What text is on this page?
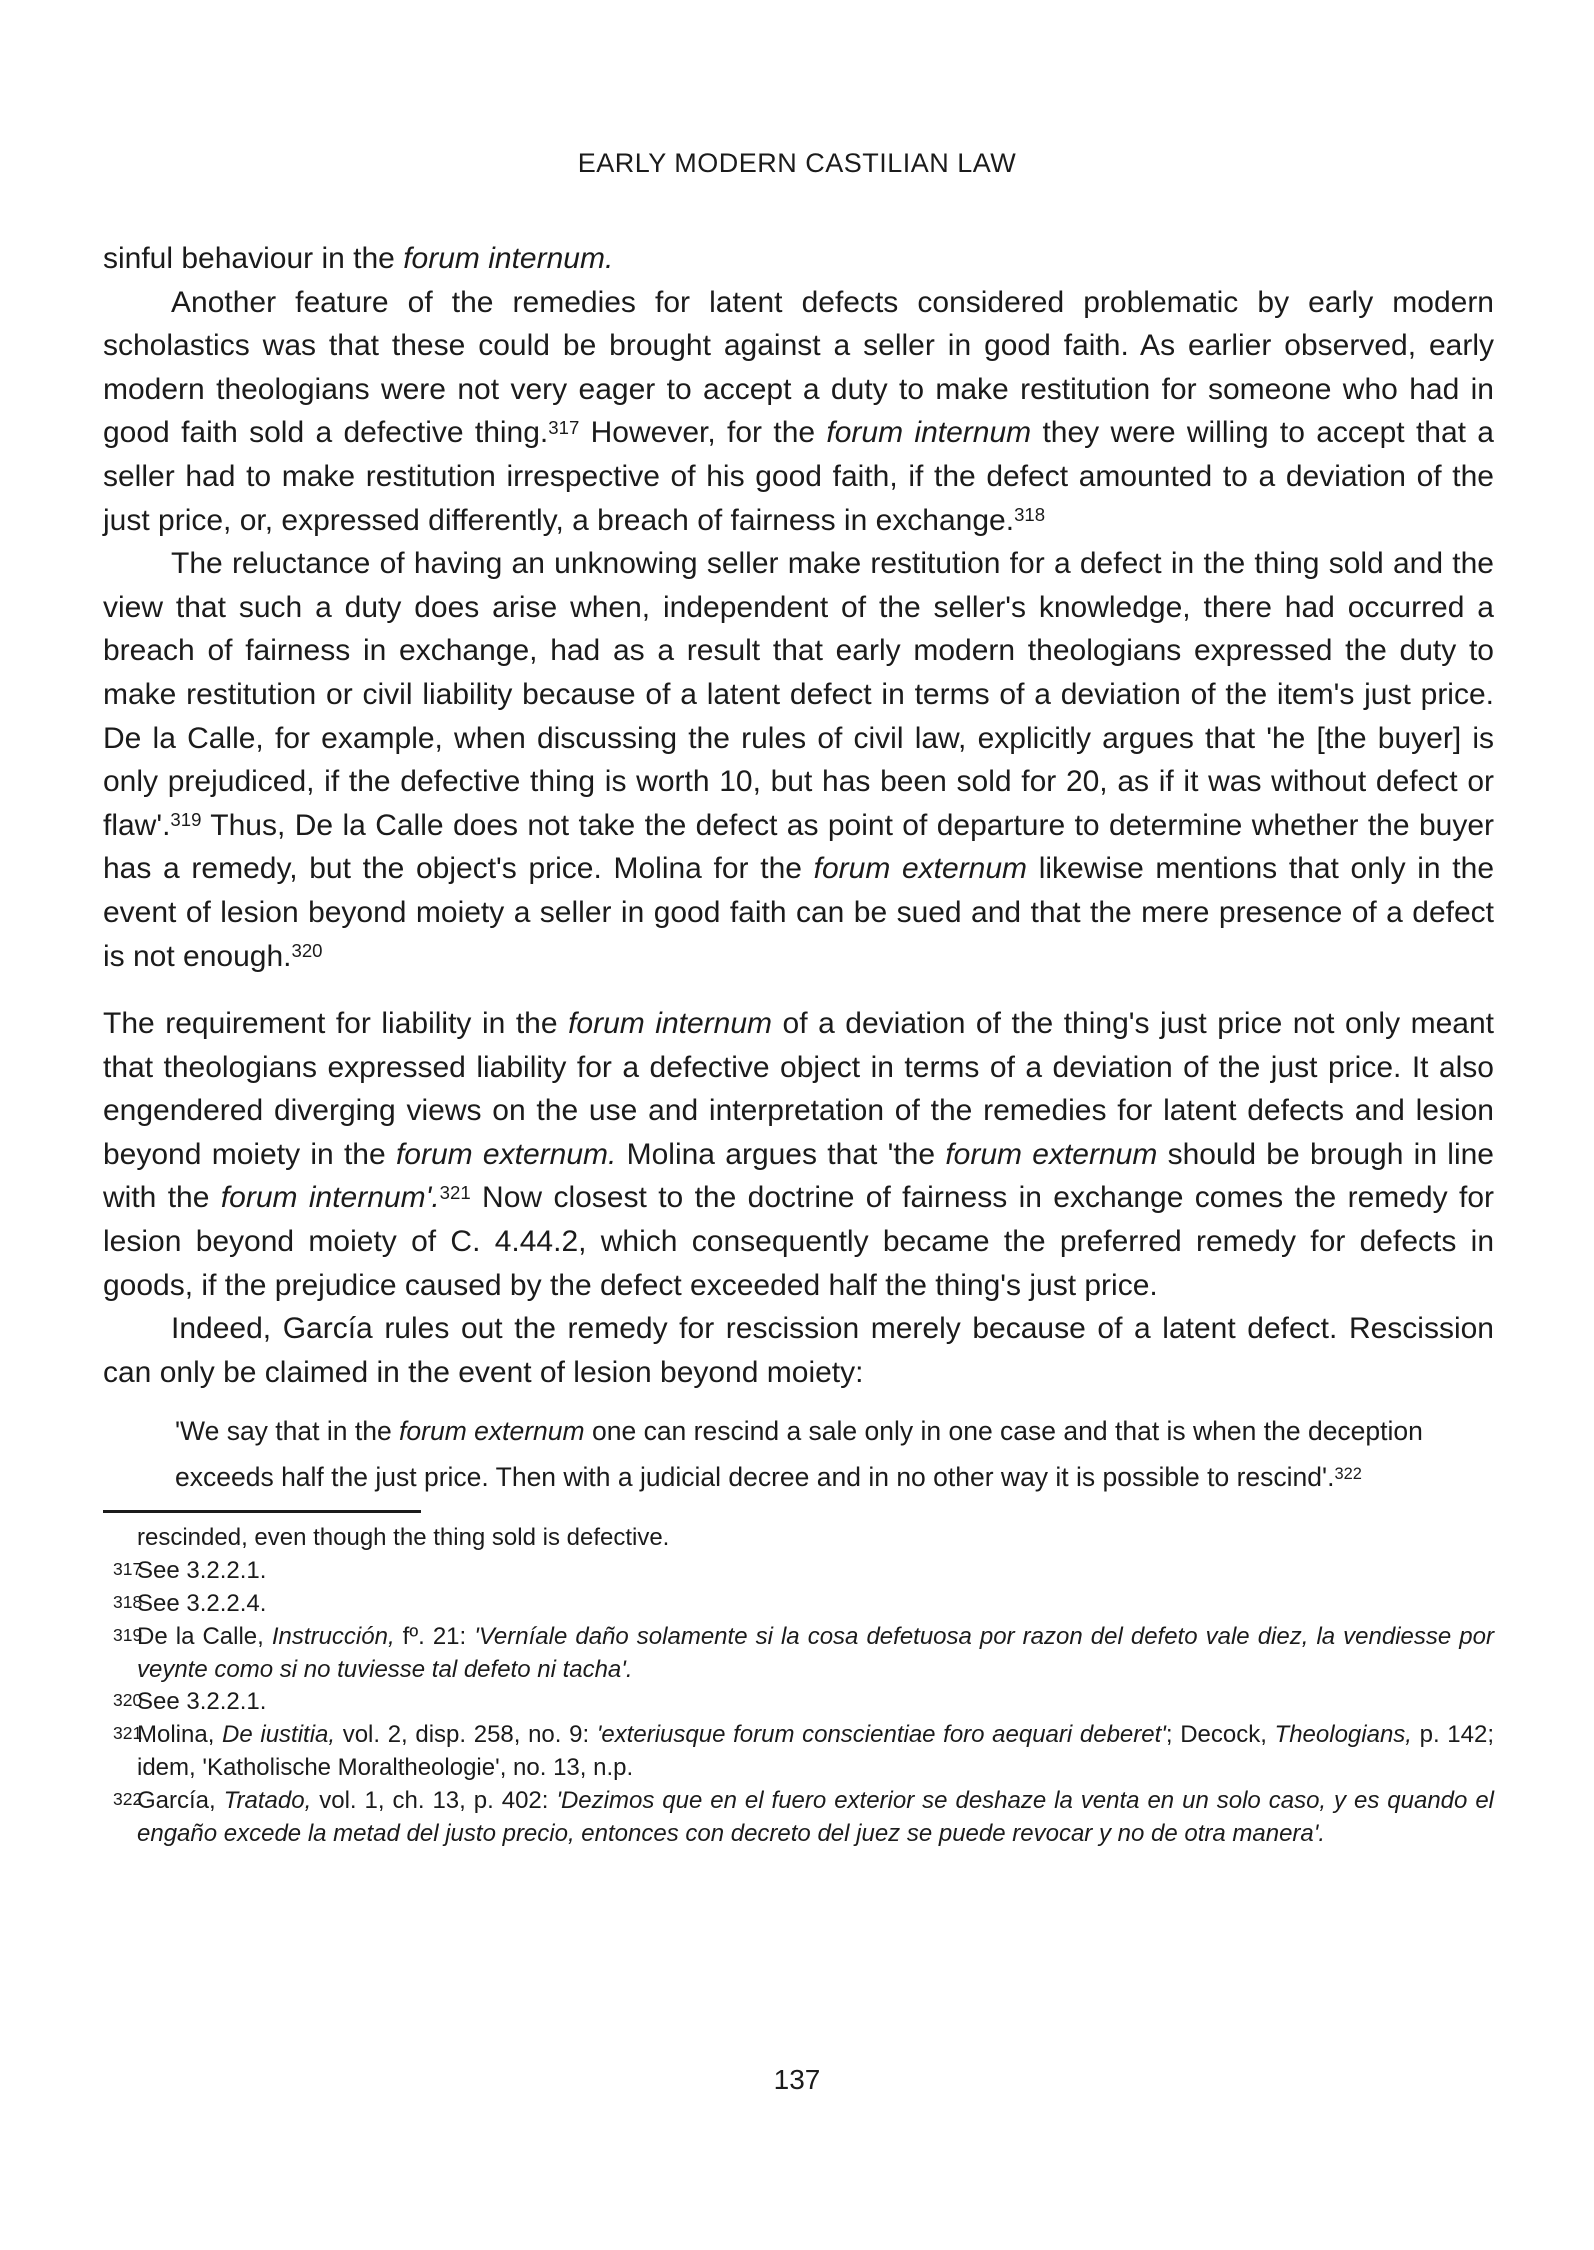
EARLY MODERN CASTILIAN LAW

sinful behaviour in the forum internum.

Another feature of the remedies for latent defects considered problematic by early modern scholastics was that these could be brought against a seller in good faith. As earlier observed, early modern theologians were not very eager to accept a duty to make restitution for someone who had in good faith sold a defective thing.$^{317}$ However, for the forum internum they were willing to accept that a seller had to make restitution irrespective of his good faith, if the defect amounted to a deviation of the just price, or, expressed differently, a breach of fairness in exchange.$^{318}$

The reluctance of having an unknowing seller make restitution for a defect in the thing sold and the view that such a duty does arise when, independent of the seller's knowledge, there had occurred a breach of fairness in exchange, had as a result that early modern theologians expressed the duty to make restitution or civil liability because of a latent defect in terms of a deviation of the item's just price. De la Calle, for example, when discussing the rules of civil law, explicitly argues that 'he [the buyer] is only prejudiced, if the defective thing is worth 10, but has been sold for 20, as if it was without defect or flaw'.$^{319}$ Thus, De la Calle does not take the defect as point of departure to determine whether the buyer has a remedy, but the object's price. Molina for the forum externum likewise mentions that only in the event of lesion beyond moiety a seller in good faith can be sued and that the mere presence of a defect is not enough.$^{320}$

The requirement for liability in the forum internum of a deviation of the thing's just price not only meant that theologians expressed liability for a defective object in terms of a deviation of the just price. It also engendered diverging views on the use and interpretation of the remedies for latent defects and lesion beyond moiety in the forum externum. Molina argues that 'the forum externum should be brough in line with the forum internum'.$^{321}$ Now closest to the doctrine of fairness in exchange comes the remedy for lesion beyond moiety of C. 4.44.2, which consequently became the preferred remedy for defects in goods, if the prejudice caused by the defect exceeded half the thing's just price.

Indeed, García rules out the remedy for rescission merely because of a latent defect. Rescission can only be claimed in the event of lesion beyond moiety:

'We say that in the forum externum one can rescind a sale only in one case and that is when the deception exceeds half the just price. Then with a judicial decree and in no other way it is possible to rescind'.$^{322}$
rescinded, even though the thing sold is defective.
317
See 3.2.2.1.
318
See 3.2.2.4.
319
De la Calle, Instrucción, fº. 21: 'Verníale daño solamente si la cosa defetuosa por razon del defeto vale diez, la vendiesse por veynte como si no tuviesse tal defeto ni tacha'.
320
See 3.2.2.1.
321
Molina, De iustitia, vol. 2, disp. 258, no. 9: 'exteriusque forum conscientiae foro aequari deberet'; Decock, Theologians, p. 142; idem, 'Katholische Moraltheologie', no. 13, n.p.
322
García, Tratado, vol. 1, ch. 13, p. 402: 'Dezimos que en el fuero exterior se deshaze la venta en un solo caso, y es quando el engaño excede la metad del justo precio, entonces con decreto del juez se puede revocar y no de otra manera'.
137
